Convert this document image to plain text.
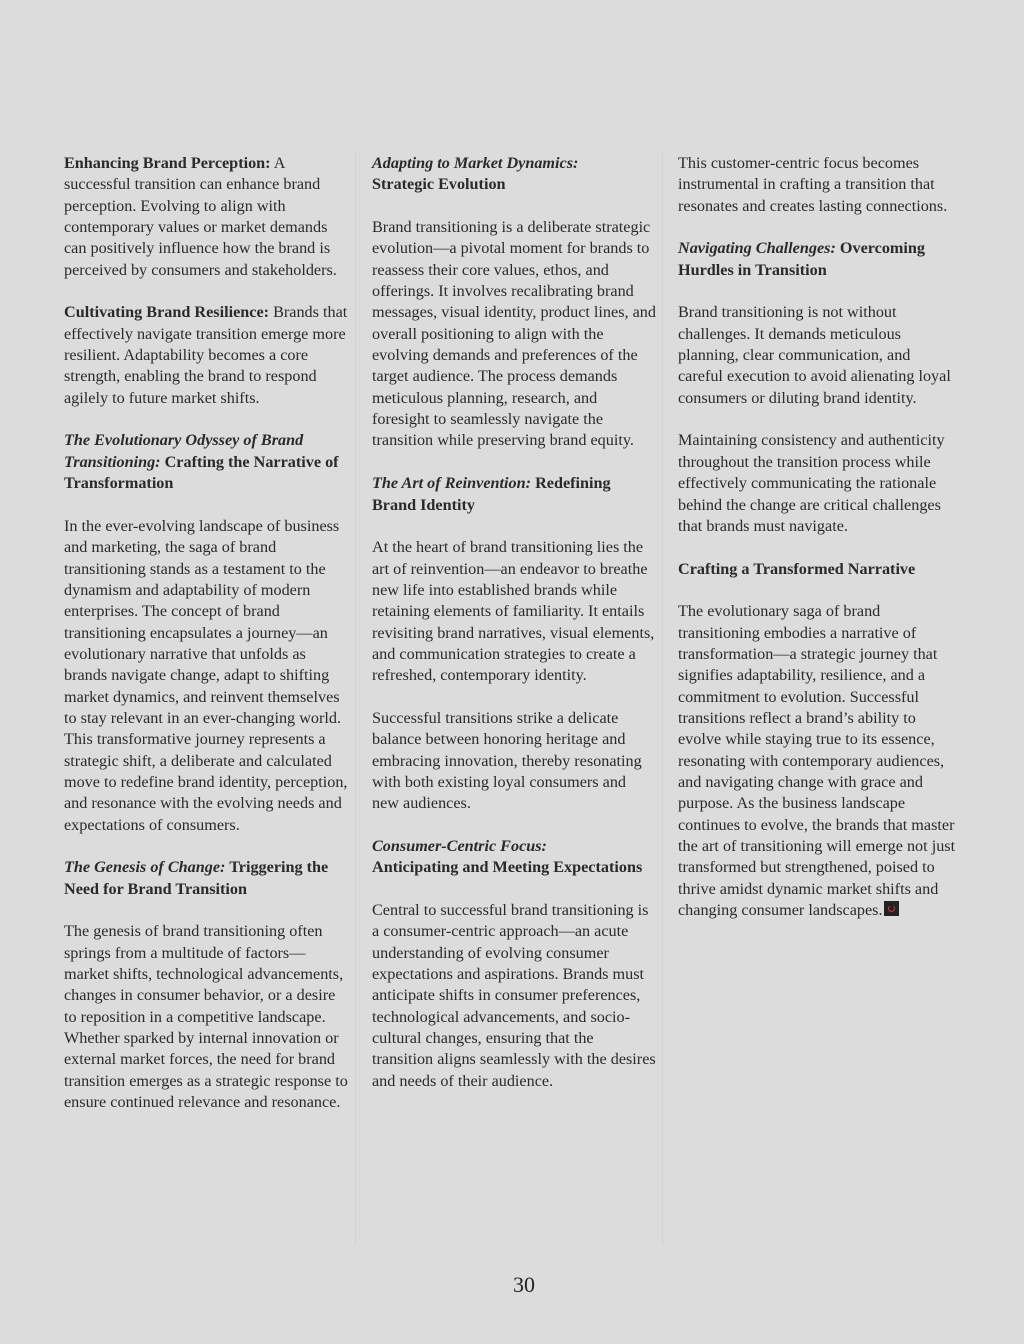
Enhancing Brand Perception: A successful transition can enhance brand perception. Evolving to align with contemporary values or market demands can positively influence how the brand is perceived by consumers and stakeholders.

Cultivating Brand Resilience: Brands that effectively navigate transition emerge more resilient. Adaptability becomes a core strength, enabling the brand to respond agilely to future market shifts.

The Evolutionary Odyssey of Brand Transitioning: Crafting the Narrative of Transformation

In the ever-evolving landscape of business and marketing, the saga of brand transitioning stands as a testament to the dynamism and adaptability of modern enterprises. The concept of brand transitioning encapsulates a journey—an evolutionary narrative that unfolds as brands navigate change, adapt to shifting market dynamics, and reinvent themselves to stay relevant in an ever-changing world. This transformative journey represents a strategic shift, a deliberate and calculated move to redefine brand identity, perception, and resonance with the evolving needs and expectations of consumers.

The Genesis of Change: Triggering the Need for Brand Transition

The genesis of brand transitioning often springs from a multitude of factors—market shifts, technological advancements, changes in consumer behavior, or a desire to reposition in a competitive landscape. Whether sparked by internal innovation or external market forces, the need for brand transition emerges as a strategic response to ensure continued relevance and resonance.

Adapting to Market Dynamics:
Strategic Evolution

Brand transitioning is a deliberate strategic evolution—a pivotal moment for brands to reassess their core values, ethos, and offerings. It involves recalibrating brand messages, visual identity, product lines, and overall positioning to align with the evolving demands and preferences of the target audience. The process demands meticulous planning, research, and foresight to seamlessly navigate the transition while preserving brand equity.

The Art of Reinvention: Redefining Brand Identity

At the heart of brand transitioning lies the art of reinvention—an endeavor to breathe new life into established brands while retaining elements of familiarity. It entails revisiting brand narratives, visual elements, and communication strategies to create a refreshed, contemporary identity.

Successful transitions strike a delicate balance between honoring heritage and embracing innovation, thereby resonating with both existing loyal consumers and new audiences.

Consumer-Centric Focus:
Anticipating and Meeting Expectations

Central to successful brand transitioning is a consumer-centric approach—an acute understanding of evolving consumer expectations and aspirations. Brands must anticipate shifts in consumer preferences, technological advancements, and socio-cultural changes, ensuring that the transition aligns seamlessly with the desires and needs of their audience.

This customer-centric focus becomes instrumental in crafting a transition that resonates and creates lasting connections.

Navigating Challenges: Overcoming Hurdles in Transition

Brand transitioning is not without challenges. It demands meticulous planning, clear communication, and careful execution to avoid alienating loyal consumers or diluting brand identity.

Maintaining consistency and authenticity throughout the transition process while effectively communicating the rationale behind the change are critical challenges that brands must navigate.

Crafting a Transformed Narrative

The evolutionary saga of brand transitioning embodies a narrative of transformation—a strategic journey that signifies adaptability, resilience, and a commitment to evolution. Successful transitions reflect a brand’s ability to evolve while staying true to its essence, resonating with contemporary audiences, and navigating change with grace and purpose. As the business landscape continues to evolve, the brands that master the art of transitioning will emerge not just transformed but strengthened, poised to thrive amidst dynamic market shifts and changing consumer landscapes.

30
